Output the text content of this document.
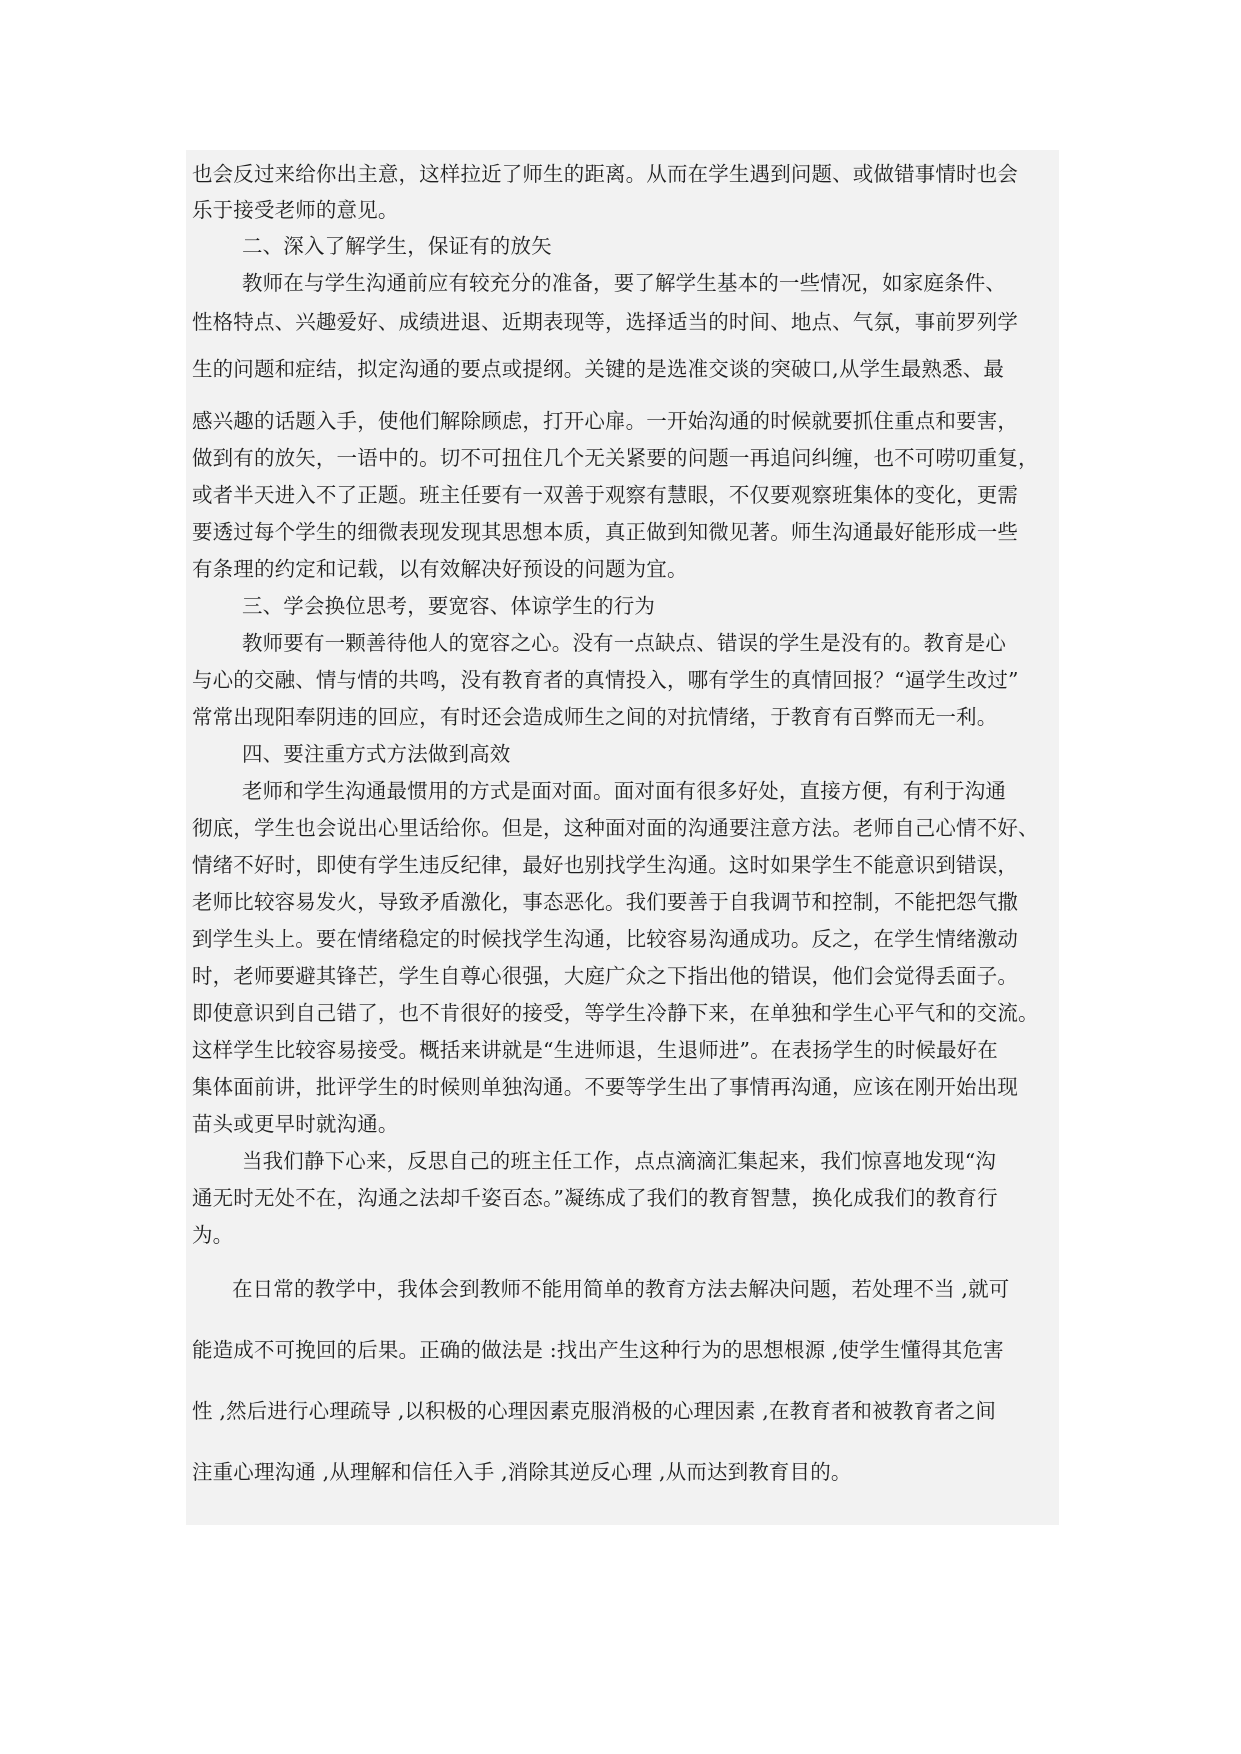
也会反过来给你出主意，这样拉近了师生的距离。从而在学生遇到问题、或做错事情时也会
乐于接受老师的意见。
二、深入了解学生，保证有的放矢
教师在与学生沟通前应有较充分的准备，要了解学生基本的一些情况，如家庭条件、
性格特点、兴趣爱好、成绩进退、近期表现等，选择适当的时间、地点、气氛，事前罗列学
生的问题和症结，拟定沟通的要点或提纲。关键的是选准交谈的突破口,从学生最熟悉、最
感兴趣的话题入手，使他们解除顾虑，打开心扉。一开始沟通的时候就要抓住重点和要害，
做到有的放矢，一语中的。切不可扭住几个无关紧要的问题一再追问纠缠，也不可唠叨重复，
或者半天进入不了正题。班主任要有一双善于观察有慧眼，不仅要观察班集体的变化，更需
要透过每个学生的细微表现发现其思想本质，真正做到知微见著。师生沟通最好能形成一些
有条理的约定和记载，以有效解决好预设的问题为宜。
三、学会换位思考，要宽容、体谅学生的行为
教师要有一颗善待他人的宽容之心。没有一点缺点、错误的学生是没有的。教育是心
与心的交融、情与情的共鸣，没有教育者的真情投入，哪有学生的真情回报？“逼学生改过”
常常出现阳奉阴违的回应，有时还会造成师生之间的对抗情绪，于教育有百弊而无一利。
四、要注重方式方法做到高效
老师和学生沟通最惯用的方式是面对面。面对面有很多好处，直接方便，有利于沟通
彻底，学生也会说出心里话给你。但是，这种面对面的沟通要注意方法。老师自己心情不好、
情绪不好时，即使有学生违反纪律，最好也别找学生沟通。这时如果学生不能意识到错误，
老师比较容易发火，导致矛盾激化，事态恶化。我们要善于自我调节和控制，不能把怨气撒
到学生头上。要在情绪稳定的时候找学生沟通，比较容易沟通成功。反之，在学生情绪激动
时，老师要避其锋芒，学生自尊心很强，大庭广众之下指出他的错误，他们会觉得丢面子。
即使意识到自己错了，也不肯很好的接受，等学生冷静下来，在单独和学生心平气和的交流。
这样学生比较容易接受。概括来讲就是“生进师退，生退师进”。在表扬学生的时候最好在
集体面前讲，批评学生的时候则单独沟通。不要等学生出了事情再沟通，应该在刚开始出现
苗头或更早时就沟通。
当我们静下心来，反思自己的班主任工作，点点滴滴汇集起来，我们惊喜地发现“沟
通无时无处不在，沟通之法却千姿百态。”凝练成了我们的教育智慧，换化成我们的教育行
为。
在日常的教学中，我体会到教师不能用简单的教育方法去解决问题，若处理不当 ,就可
能造成不可挽回的后果。正确的做法是 :找出产生这种行为的思想根源 ,使学生懂得其危害
性 ,然后进行心理疏导 ,以积极的心理因素克服消极的心理因素 ,在教育者和被教育者之间
注重心理沟通 ,从理解和信任入手 ,消除其逆反心理 ,从而达到教育目的。
